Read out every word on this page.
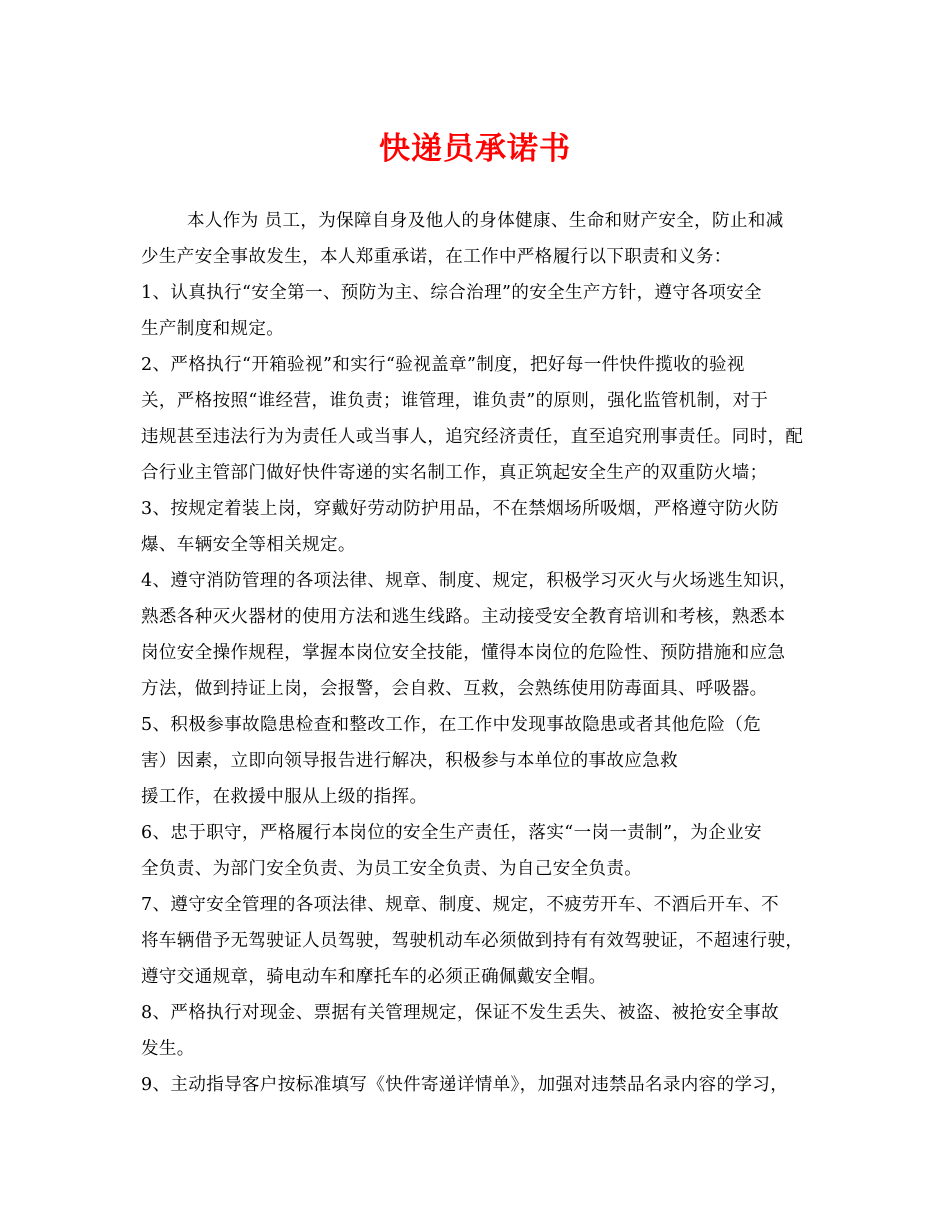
快递员承诺书
本人作为 员工，为保障自身及他人的身体健康、生命和财产安全，防止和减
少生产安全事故发生，本人郑重承诺，在工作中严格履行以下职责和义务：
1、认真执行“安全第一、预防为主、综合治理”的安全生产方针，遵守各项安全
生产制度和规定。
2、严格执行“开箱验视”和实行“验视盖章”制度，把好每一件快件揽收的验视
关，严格按照“谁经营，谁负责；谁管理，谁负责”的原则，强化监管机制，对于
违规甚至违法行为为责任人或当事人，追究经济责任，直至追究刑事责任。同时，配
合行业主管部门做好快件寄递的实名制工作，真正筑起安全生产的双重防火墙；
3、按规定着装上岗，穿戴好劳动防护用品，不在禁烟场所吸烟，严格遵守防火防
爆、车辆安全等相关规定。
4、遵守消防管理的各项法律、规章、制度、规定，积极学习灭火与火场逃生知识，
熟悉各种灭火器材的使用方法和逃生线路。主动接受安全教育培训和考核，熟悉本
岗位安全操作规程，掌握本岗位安全技能，懂得本岗位的危险性、预防措施和应急
方法，做到持证上岗，会报警，会自救、互救，会熟练使用防毒面具、呼吸器。
5、积极参事故隐患检查和整改工作，在工作中发现事故隐患或者其他危险（危
害）因素，立即向领导报告进行解决，积极参与本单位的事故应急救
援工作，在救援中服从上级的指挥。
6、忠于职守，严格履行本岗位的安全生产责任，落实“一岗一责制”，为企业安
全负责、为部门安全负责、为员工安全负责、为自己安全负责。
7、遵守安全管理的各项法律、规章、制度、规定，不疲劳开车、不酒后开车、不
将车辆借予无驾驶证人员驾驶，驾驶机动车必须做到持有有效驾驶证，不超速行驶，
遵守交通规章，骑电动车和摩托车的必须正确佩戴安全帽。
8、严格执行对现金、票据有关管理规定，保证不发生丢失、被盗、被抢安全事故
发生。
9、主动指导客户按标准填写《快件寄递详情单》，加强对违禁品名录内容的学习，
